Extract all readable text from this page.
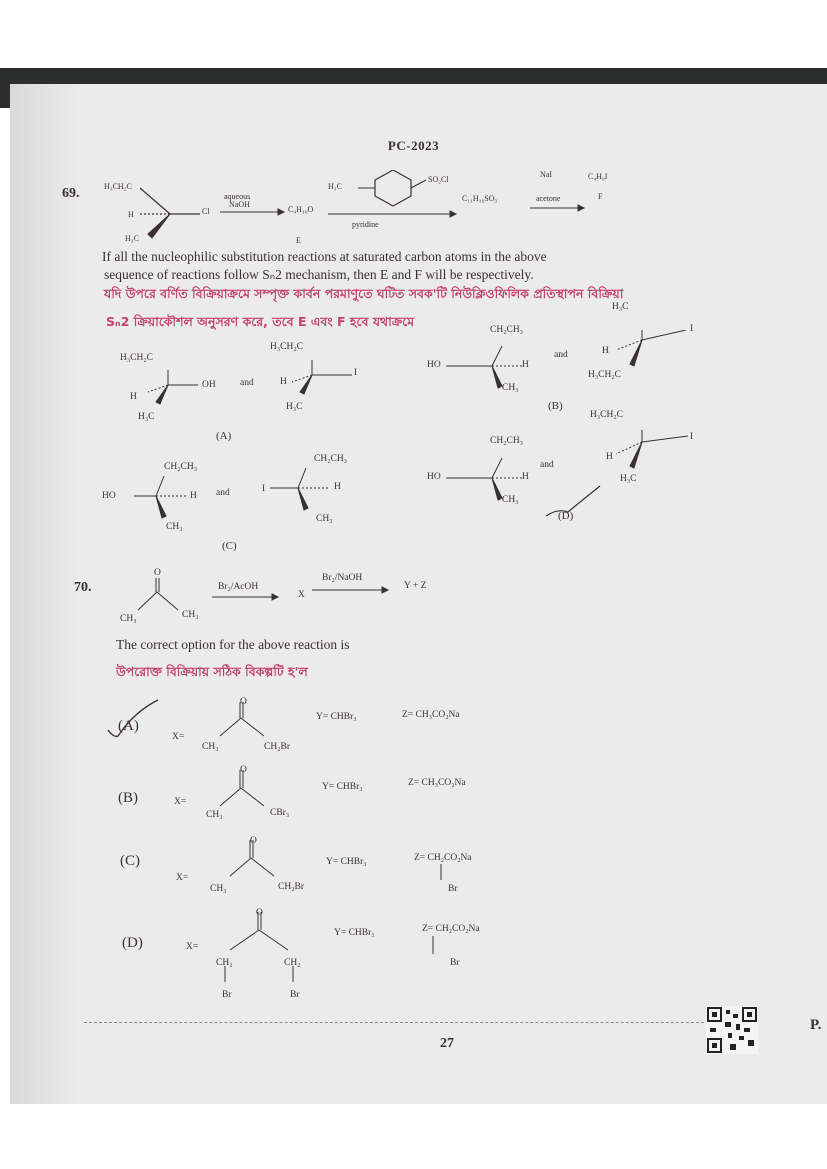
PC-2023
69.	H₃CH₂C
H
H₃C
Cl
aqueous
NaOH
C₄H₁₀O
E
H₃C
SO₂Cl
pyridine
C₁₁H₁₆SO₃
NaI
acetone
C₄H₉I
F
If all the nucleophilic substitution reactions at saturated carbon atoms in the above
sequence of reactions follow Sₙ2 mechanism, then E and F will be respectively.
যদি উপরে বর্ণিত বিক্রিয়াক্রমে সম্পৃক্ত কার্বন পরমাণুতে ঘটিত সবক'টি নিউক্লিওফিলিক প্রতিস্থাপন বিক্রিয়া
Sₙ2 ক্রিয়াকৌশল অনুসরণ করে, তবে E এবং F হবে যথাক্রমে
H₃CH₂C
H
H₃C
OH	and
H₃CH₂C
H
H₃C
I
(A)
CH₂CH₃
HO
CH₃
H
and
H₃C
H
H₃CH₂C
I
(B)
CH₂CH₃
HO
CH₃
H and
CH₂CH₃
I
CH₃
H
(C)
CH₂CH₃
HO
CH₃
H
and
H₃CH₂C
H
H₃C
I
(D)
70.
O
CH₃	CH₃
Br₂/AcOH
X
Br₂/NaOH
Y + Z
The correct option for the above reaction is
উপরোক্ত বিক্রিয়ায় সঠিক বিকল্পটি হ'ল
(A)
X=
O
CH₃	CH₂Br
Y= CHBr₃	Z= CH₃CO₂Na
(B)	X=
O
CH₃	CBr₃
Y= CHBr₃	Z= CH₃CO₂Na
(C)
X=
O
CH₃	CH₂Br
Y= CHBr₃	Z= CH₂CO₂Na
Br
(D)	X=
O
CH₂	CH₂
Br	Br
Y= CHBr₃	Z= CH₂CO₂Na
Br
27
P.
